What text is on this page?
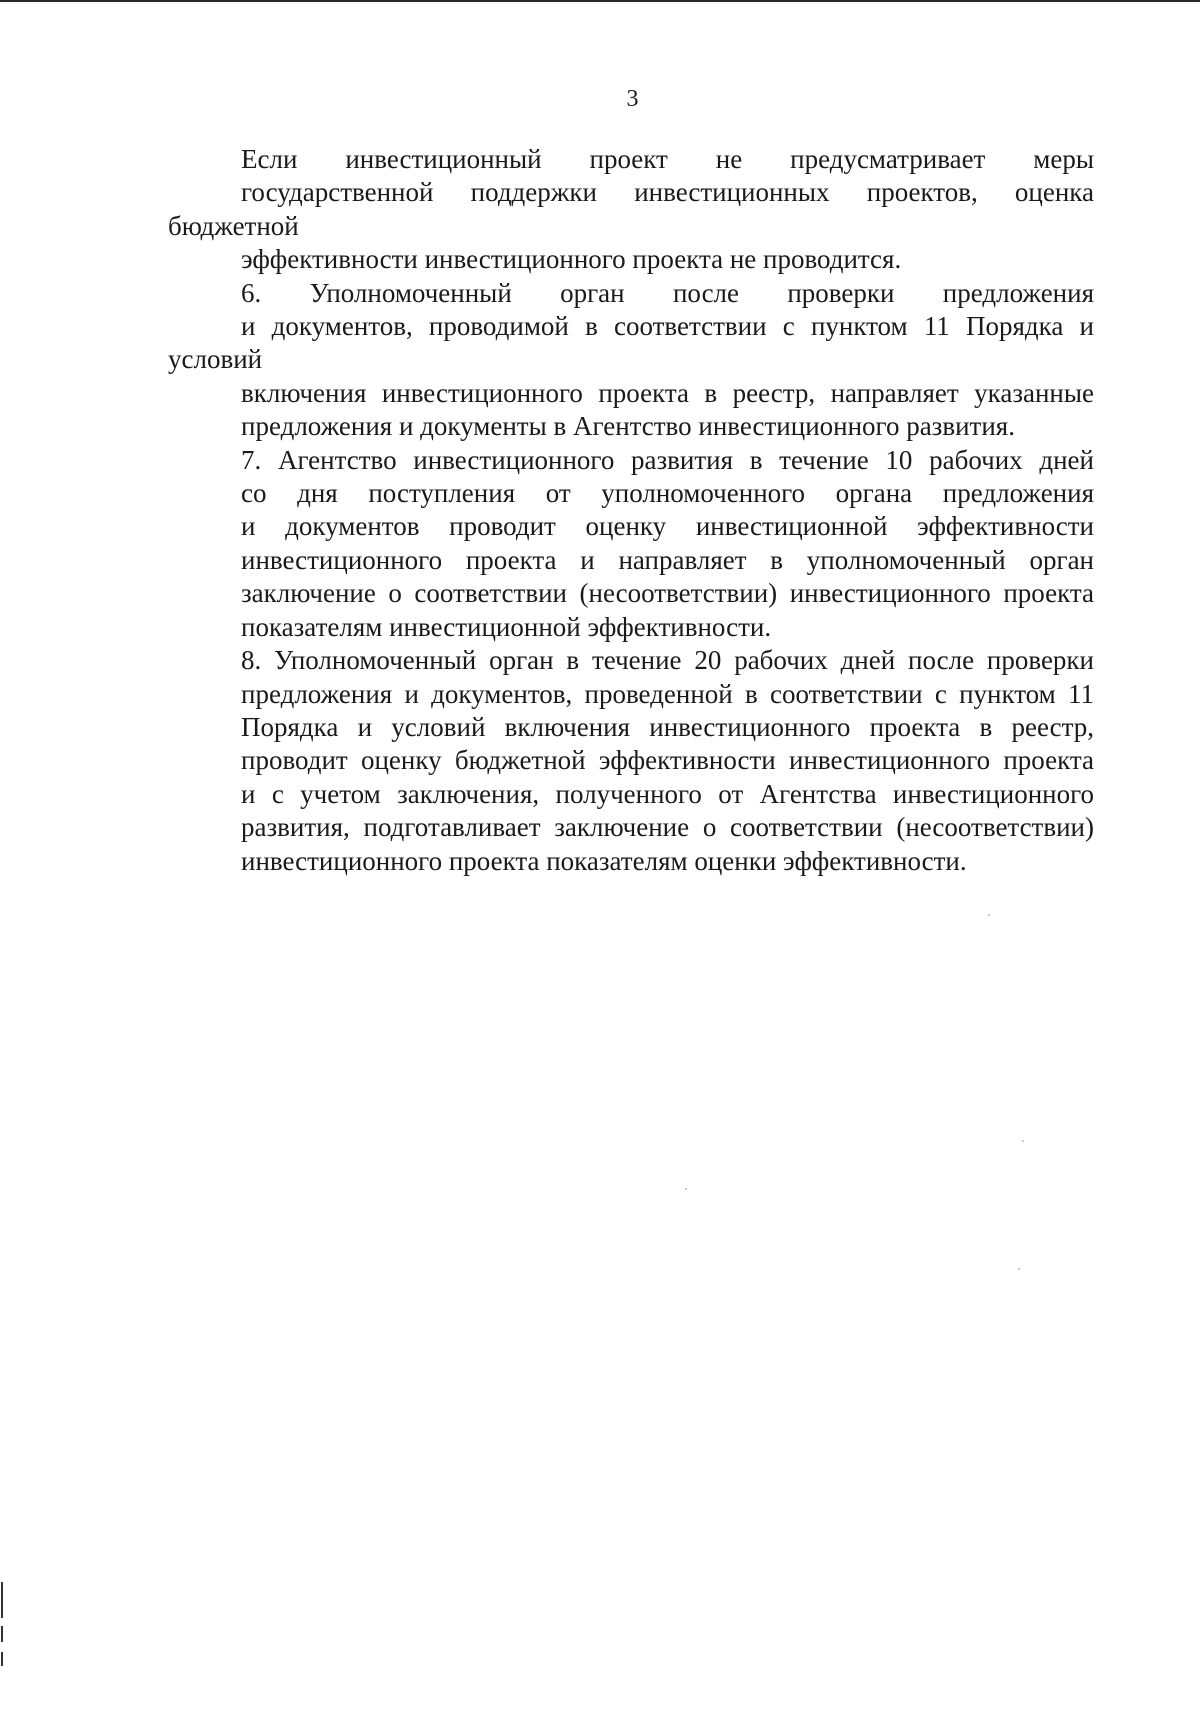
3
Если инвестиционный проект не предусматривает меры
государственной поддержки инвестиционных проектов, оценка бюджетной
эффективности инвестиционного проекта не проводится.
6. Уполномоченный орган после проверки предложения
и документов, проводимой в соответствии с пунктом 11 Порядка и условий
включения инвестиционного проекта в реестр, направляет указанные
предложения и документы в Агентство инвестиционного развития.
7. Агентство инвестиционного развития в течение 10 рабочих дней
со дня поступления от уполномоченного органа предложения
и документов проводит оценку инвестиционной эффективности
инвестиционного проекта и направляет в уполномоченный орган
заключение о соответствии (несоответствии) инвестиционного проекта
показателям инвестиционной эффективности.
8. Уполномоченный орган в течение 20 рабочих дней после проверки
предложения и документов, проведенной в соответствии с пунктом 11
Порядка и условий включения инвестиционного проекта в реестр,
проводит оценку бюджетной эффективности инвестиционного проекта
и с учетом заключения, полученного от Агентства инвестиционного
развития, подготавливает заключение о соответствии (несоответствии)
инвестиционного проекта показателям оценки эффективности.
